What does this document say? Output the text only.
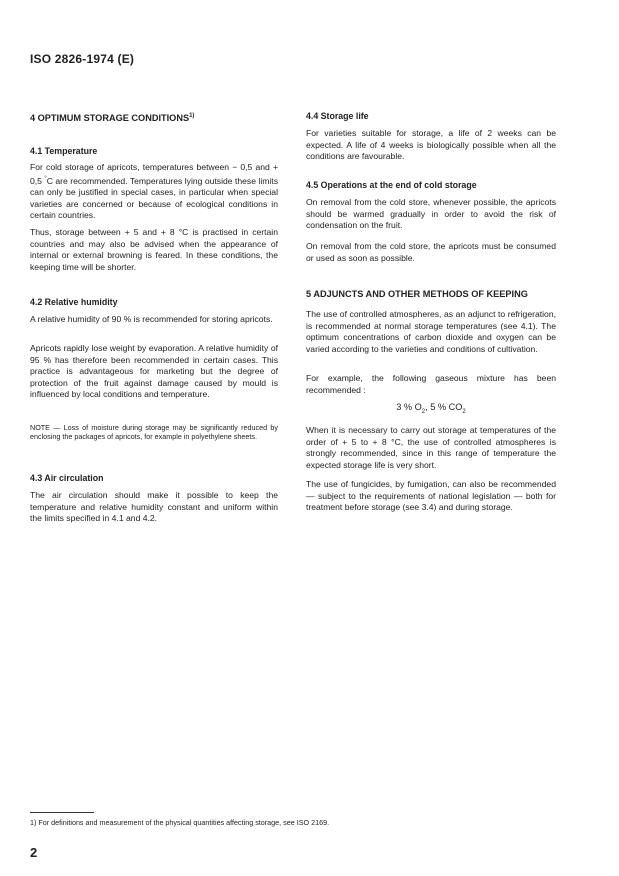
ISO 2826-1974 (E)
4 OPTIMUM STORAGE CONDITIONS$^{1)}$
4.1 Temperature

For cold storage of apricots, temperatures between − 0,5 and + 0,5 °C are recommended. Temperatures lying outside these limits can only be justified in special cases, in particular when special varieties are concerned or because of ecological conditions in certain countries.

Thus, storage between + 5 and + 8 °C is practised in certain countries and may also be advised when the appearance of internal or external browning is feared. In these conditions, the keeping time will be shorter.

4.2 Relative humidity

A relative humidity of 90 % is recommended for storing apricots.

Apricots rapidly lose weight by evaporation. A relative humidity of 95 % has therefore been recommended in certain cases. This practice is advantageous for marketing but the degree of protection of the fruit against damage caused by mould is influenced by local conditions and temperature.

NOTE — Loss of moisture during storage may be significantly reduced by enclosing the packages of apricots, for example in polyethylene sheets.

4.3 Air circulation

The air circulation should make it possible to keep the temperature and relative humidity constant and uniform within the limits specified in 4.1 and 4.2.

4.4 Storage life

For varieties suitable for storage, a life of 2 weeks can be expected. A life of 4 weeks is biologically possible when all the conditions are favourable.

4.5 Operations at the end of cold storage

On removal from the cold store, whenever possible, the apricots should be warmed gradually in order to avoid the risk of condensation on the fruit.

On removal from the cold store, the apricots must be consumed or used as soon as possible.

5 ADJUNCTS AND OTHER METHODS OF KEEPING

The use of controlled atmospheres, as an adjunct to refrigeration, is recommended at normal storage temperatures (see 4.1). The optimum concentrations of carbon dioxide and oxygen can be varied according to the varieties and conditions of cultivation.

For example, the following gaseous mixture has been recommended :

3 % $O_2$, 5 % $CO_2$

When it is necessary to carry out storage at temperatures of the order of + 5 to + 8 °C, the use of controlled atmospheres is strongly recommended, since in this range of temperature the expected storage life is very short.

The use of fungicides, by fumigation, can also be recommended — subject to the requirements of national legislation — both for treatment before storage (see 3.4) and during storage.

1) For definitions and measurement of the physical quantities affecting storage, see ISO 2169.
2
